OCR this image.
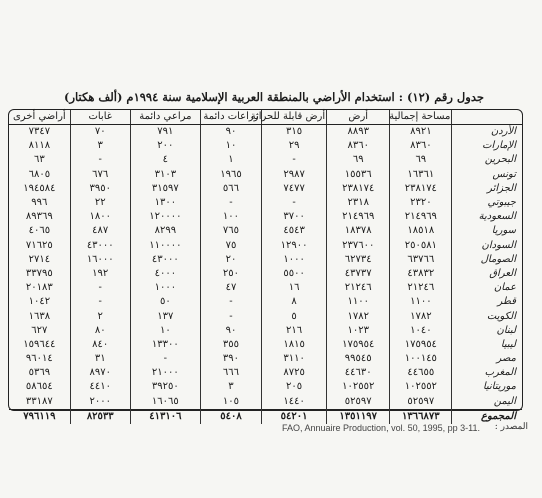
جدول رقم (١٢) : استخدام الأراضي بالمنطقة العربية الإسلامية سنة ١٩٩٤م (ألف هكتار)
	مساحة إجمالية	أرض	أرض قابلة للحراثة	زراعات دائمة	مراعي دائمة	غابات	أراضي أخرى
الأردن	٨٩٢١	٨٨٩٣	٣١٥	٩٠	٧٩١	٧٠	٧٣٤٧
الإمارات	٨٣٦٠	٨٣٦٠	٢٩	١٠	٢٠٠	٣	٨١١٨
البحرين	٦٩	٦٩	-	١	٤	-	٦٣
تونس	١٦٣٦١	١٥٥٣٦	٢٩٨٧	١٩٦٥	٣١٠٣	٦٧٦	٦٨٠٥
الجزائر	٢٣٨١٧٤	٢٣٨١٧٤	٧٤٧٧	٥٦٦	٣١٥٩٧	٣٩٥٠	١٩٤٥٨٤
جيبوتي	٢٣٢٠	٢٣١٨	-	-	١٣٠٠	٢٢	٩٩٦
السعودية	٢١٤٩٦٩	٢١٤٩٦٩	٣٧٠٠	١٠٠	١٢٠٠٠٠	١٨٠٠	٨٩٣٦٩
سوريا	١٨٥١٨	١٨٣٧٨	٤٥٤٣	٧٦٥	٨٢٩٩	٤٨٧	٤٠٦٥
السودان	٢٥٠٥٨١	٢٣٧٦٠٠	١٢٩٠٠	٧٥	١١٠٠٠٠	٤٣٠٠٠	٧١٦٢٥
الصومال	٦٣٧٦٦	٦٢٧٣٤	١٠٠٠	٢٠	٤٣٠٠٠	١٦٠٠٠	٢٧١٤
العراق	٤٣٨٣٢	٤٣٧٣٧	٥٥٠٠	٢٥٠	٤٠٠٠	١٩٢	٣٣٧٩٥
عمان	٢١٢٤٦	٢١٢٤٦	١٦	٤٧	١٠٠٠	-	٢٠١٨٣
قطر	١١٠٠	١١٠٠	٨	-	٥٠	-	١٠٤٢
الكويت	١٧٨٢	١٧٨٢	٥	-	١٣٧	٢	١٦٣٨
لبنان	١٠٤٠	١٠٢٣	٢١٦	٩٠	١٠	٨٠	٦٢٧
ليبيا	١٧٥٩٥٤	١٧٥٩٥٤	١٨١٥	٣٥٥	١٣٣٠٠	٨٤٠	١٥٩٦٤٤
مصر	١٠٠١٤٥	٩٩٥٤٥	٣١١٠	٣٩٠	-	٣١	٩٦٠١٤
المغرب	٤٤٦٥٥	٤٤٦٣٠	٨٧٢٥	٦٦٦	٢١٠٠٠	٨٩٧٠	٥٣٦٩
موريتانيا	١٠٢٥٥٢	١٠٢٥٥٢	٢٠٥	٣	٣٩٢٥٠	٤٤١٠	٥٨٦٥٤
اليمن	٥٢٥٩٧	٥٢٥٩٧	١٤٤٠	١٠٥	١٦٠٦٥	٢٠٠٠	٣٣١٨٧
المجموع	١٣٦٦٨٧٣	١٣٥١١٩٧	٥٤٢٠١	٥٤٠٨	٤١٣١٠٦	٨٢٥٣٣	٧٩٦١١٩
المصدر :
FAO, Annuaire Production, vol. 50, 1995, pp 3-11.
